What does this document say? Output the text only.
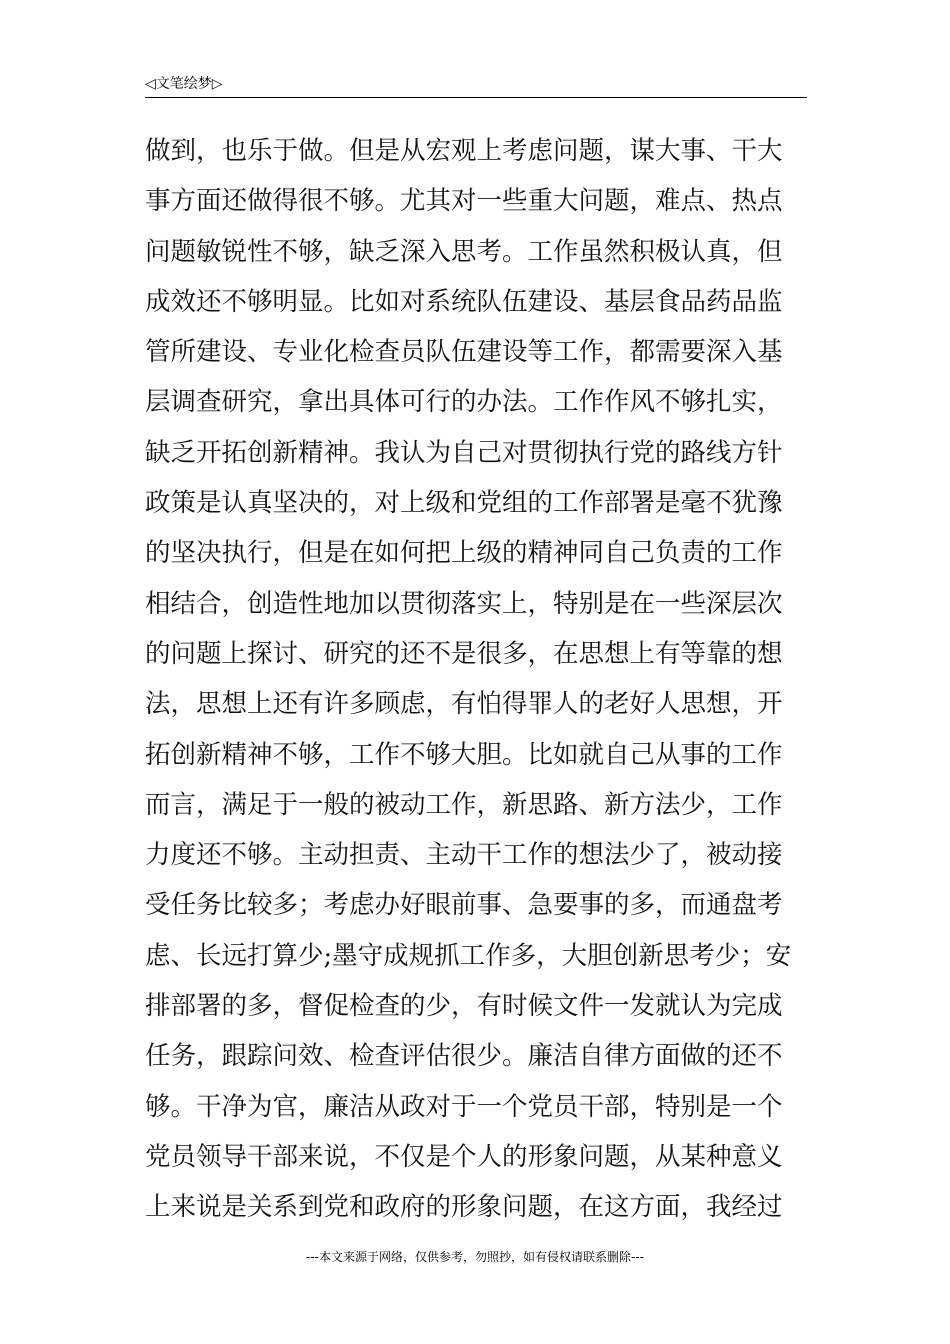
◁文笔绘梦▷
做到，也乐于做。但是从宏观上考虑问题，谋大事、干大
事方面还做得很不够。尤其对一些重大问题，难点、热点
问题敏锐性不够，缺乏深入思考。工作虽然积极认真，但
成效还不够明显。比如对系统队伍建设、基层食品药品监
管所建设、专业化检查员队伍建设等工作，都需要深入基
层调查研究，拿出具体可行的办法。工作作风不够扎实，
缺乏开拓创新精神。我认为自己对贯彻执行党的路线方针
政策是认真坚决的，对上级和党组的工作部署是毫不犹豫
的坚决执行，但是在如何把上级的精神同自己负责的工作
相结合，创造性地加以贯彻落实上，特别是在一些深层次
的问题上探讨、研究的还不是很多，在思想上有等靠的想
法，思想上还有许多顾虑，有怕得罪人的老好人思想，开
拓创新精神不够，工作不够大胆。比如就自己从事的工作
而言，满足于一般的被动工作，新思路、新方法少，工作
力度还不够。主动担责、主动干工作的想法少了，被动接
受任务比较多；考虑办好眼前事、急要事的多，而通盘考
虑、长远打算少;墨守成规抓工作多，大胆创新思考少；安
排部署的多，督促检查的少，有时候文件一发就认为完成
任务，跟踪问效、检查评估很少。廉洁自律方面做的还不
够。干净为官，廉洁从政对于一个党员干部，特别是一个
党员领导干部来说，不仅是个人的形象问题，从某种意义
上来说是关系到党和政府的形象问题，在这方面，我经过
---本文来源于网络，仅供参考，勿照抄，如有侵权请联系删除---
